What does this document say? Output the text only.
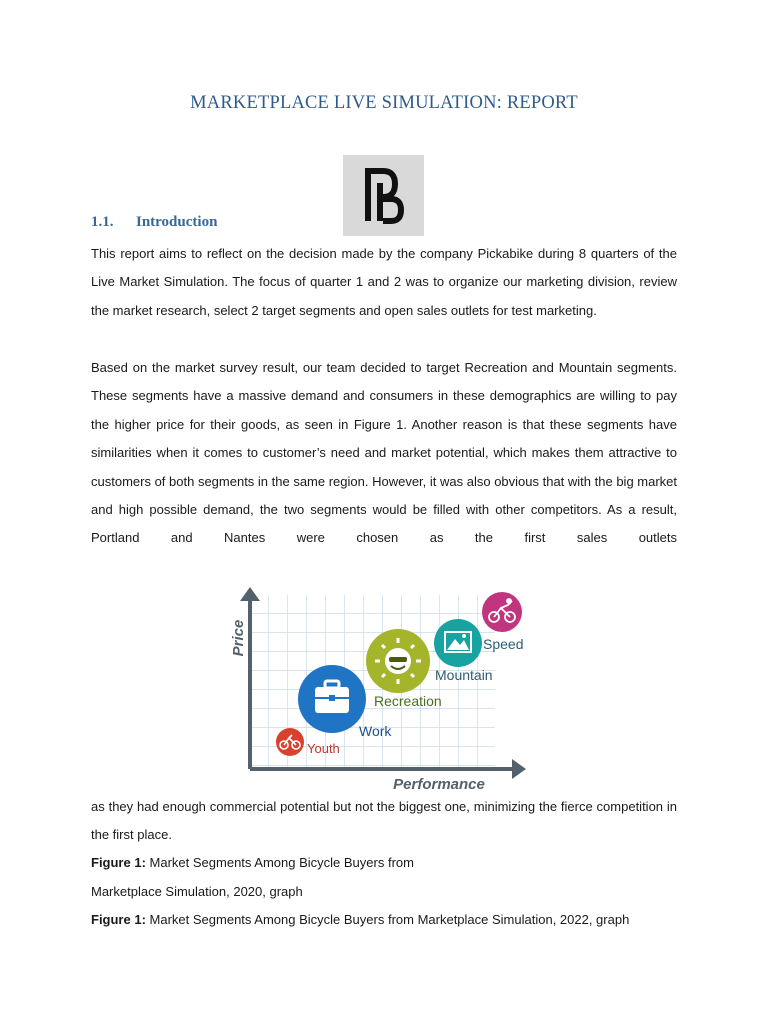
MARKETPLACE LIVE SIMULATION: REPORT
1.1. Introduction
This report aims to reflect on the decision made by the company Pickabike during 8 quarters of the Live Market Simulation. The focus of quarter 1 and 2 was to organize our marketing division, review the market research, select 2 target segments and open sales outlets for test marketing.
Based on the market survey result, our team decided to target Recreation and Mountain segments. These segments have a massive demand and consumers in these demographics are willing to pay the higher price for their goods, as seen in Figure 1. Another reason is that these segments have similarities when it comes to customer’s need and market potential, which makes them attractive to customers of both segments in the same region. However, it was also obvious that with the big market and high possible demand, the two segments would be filled with other competitors. As a result, Portland and Nantes were chosen as the first sales outlets
Price
Performance
Youth
Work
Recreation
Mountain
Speed
as they had enough commercial potential but not the biggest one, minimizing the fierce competition in the first place.
Figure 1: Market Segments Among Bicycle Buyers from
Marketplace Simulation, 2020, graph
Figure 1: Market Segments Among Bicycle Buyers from Marketplace Simulation, 2022, graph
